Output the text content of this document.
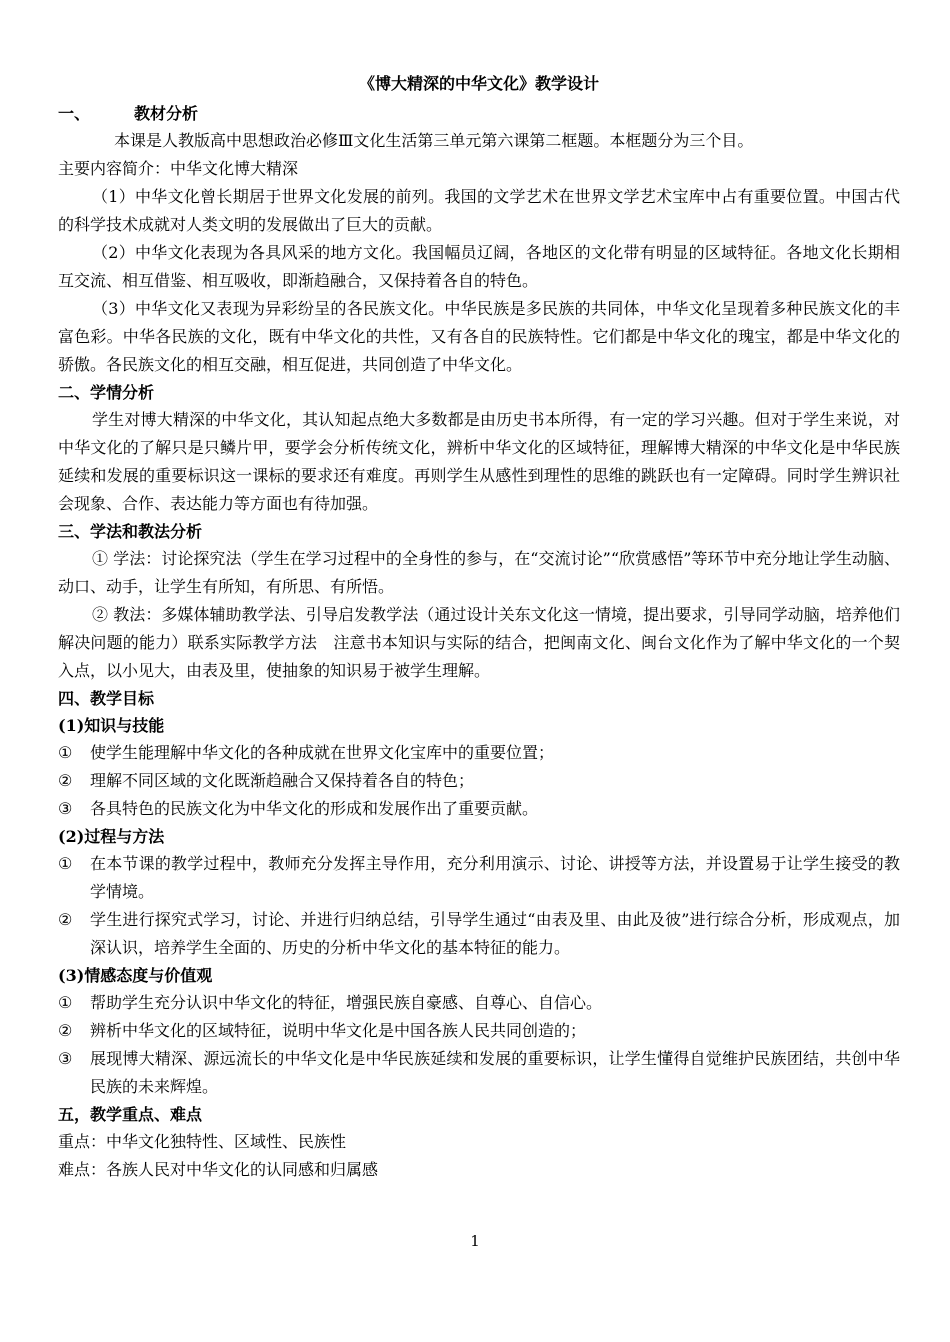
《博大精深的中华文化》教学设计

一、	教材分析

本课是人教版高中思想政治必修Ⅲ文化生活第三单元第六课第二框题。本框题分为三个目。

主要内容简介：中华文化博大精深

（1）中华文化曾长期居于世界文化发展的前列。我国的文学艺术在世界文学艺术宝库中占有重要位置。中国古代的科学技术成就对人类文明的发展做出了巨大的贡献。

（2）中华文化表现为各具风采的地方文化。我国幅员辽阔，各地区的文化带有明显的区域特征。各地文化长期相互交流、相互借鉴、相互吸收，即渐趋融合，又保持着各自的特色。

（3）中华文化又表现为异彩纷呈的各民族文化。中华民族是多民族的共同体，中华文化呈现着多种民族文化的丰富色彩。中华各民族的文化，既有中华文化的共性，又有各自的民族特性。它们都是中华文化的瑰宝，都是中华文化的骄傲。各民族文化的相互交融，相互促进，共同创造了中华文化。

二、学情分析

学生对博大精深的中华文化，其认知起点绝大多数都是由历史书本所得，有一定的学习兴趣。但对于学生来说，对中华文化的了解只是只鳞片甲，要学会分析传统文化，辨析中华文化的区域特征，理解博大精深的中华文化是中华民族延续和发展的重要标识这一课标的要求还有难度。再则学生从感性到理性的思维的跳跃也有一定障碍。同时学生辨识社会现象、合作、表达能力等方面也有待加强。

三、学法和教法分析

① 学法：讨论探究法（学生在学习过程中的全身性的参与，在“交流讨论”“欣赏感悟”等环节中充分地让学生动脑、动口、动手，让学生有所知，有所思、有所悟。

② 教法：多媒体辅助教学法、引导启发教学法（通过设计关东文化这一情境，提出要求，引导同学动脑，培养他们解决问题的能力）联系实际教学方法　注意书本知识与实际的结合，把闽南文化、闽台文化作为了解中华文化的一个契入点，以小见大，由表及里，使抽象的知识易于被学生理解。

四、教学目标

(1)知识与技能

①	使学生能理解中华文化的各种成就在世界文化宝库中的重要位置；
②	理解不同区域的文化既渐趋融合又保持着各自的特色；
③	各具特色的民族文化为中华文化的形成和发展作出了重要贡献。

(2)过程与方法

①	在本节课的教学过程中，教师充分发挥主导作用，充分利用演示、讨论、讲授等方法，并设置易于让学生接受的教学情境。
②	学生进行探究式学习，讨论、并进行归纳总结，引导学生通过“由表及里、由此及彼”进行综合分析，形成观点，加深认识，培养学生全面的、历史的分析中华文化的基本特征的能力。

(3)情感态度与价值观

①	帮助学生充分认识中华文化的特征，增强民族自豪感、自尊心、自信心。
②	辨析中华文化的区域特征，说明中华文化是中国各族人民共同创造的；
③	展现博大精深、源远流长的中华文化是中华民族延续和发展的重要标识，让学生懂得自觉维护民族团结，共创中华民族的未来辉煌。

五，教学重点、难点

重点：中华文化独特性、区域性、民族性

难点：各族人民对中华文化的认同感和归属感

1
